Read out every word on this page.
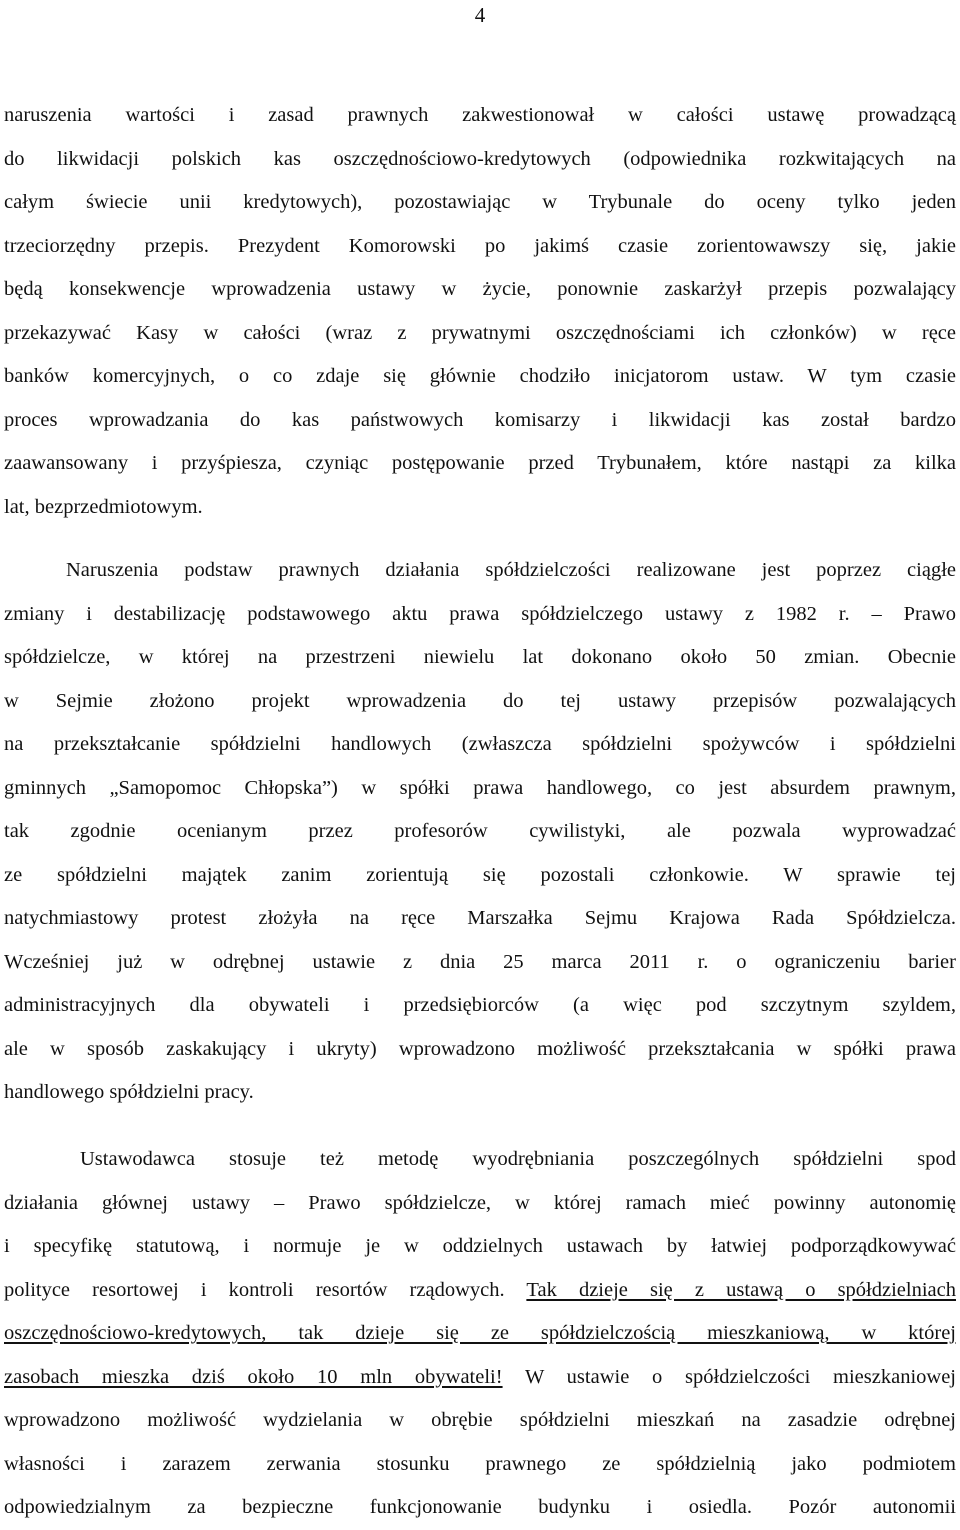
4
naruszenia wartości i zasad prawnych zakwestionował w całości ustawę prowadzącą
do likwidacji polskich kas oszczędnościowo-kredytowych (odpowiednika rozkwitających na
całym świecie unii kredytowych), pozostawiając w Trybunale do oceny tylko jeden
trzeciorzędny przepis. Prezydent Komorowski po jakimś czasie zorientowawszy się, jakie
będą konsekwencje wprowadzenia ustawy w życie, ponownie zaskarżył przepis pozwalający
przekazywać Kasy w całości (wraz z prywatnymi oszczędnościami ich członków) w ręce
banków komercyjnych, o co zdaje się głównie chodziło inicjatorom ustaw. W tym czasie
proces wprowadzania do kas państwowych komisarzy i likwidacji kas został bardzo
zaawansowany i przyśpiesza, czyniąc postępowanie przed Trybunałem, które nastąpi za kilka
lat, bezprzedmiotowym.
Naruszenia podstaw prawnych działania spółdzielczości realizowane jest poprzez ciągłe
zmiany i destabilizację podstawowego aktu prawa spółdzielczego ustawy z 1982 r. – Prawo
spółdzielcze, w której na przestrzeni niewielu lat dokonano około 50 zmian. Obecnie
w Sejmie złożono projekt wprowadzenia do tej ustawy przepisów pozwalających
na przekształcanie spółdzielni handlowych (zwłaszcza spółdzielni spożywców i spółdzielni
gminnych „Samopomoc Chłopska”) w spółki prawa handlowego, co jest absurdem prawnym,
tak zgodnie ocenianym przez profesorów cywilistyki, ale pozwala wyprowadzać
ze spółdzielni majątek zanim zorientują się pozostali członkowie. W sprawie tej
natychmiastowy protest złożyła na ręce Marszałka Sejmu Krajowa Rada Spółdzielcza.
Wcześniej już w odrębnej ustawie z dnia 25 marca 2011 r. o ograniczeniu barier
administracyjnych dla obywateli i przedsiębiorców (a więc pod szczytnym szyldem,
ale w sposób zaskakujący i ukryty) wprowadzono możliwość przekształcania w spółki prawa
handlowego spółdzielni pracy.
Ustawodawca stosuje też metodę wyodrębniania poszczególnych spółdzielni spod
działania głównej ustawy – Prawo spółdzielcze, w której ramach mieć powinny autonomię
i specyfikę statutową, i normuje je w oddzielnych ustawach by łatwiej podporządkowywać
polityce resortowej i kontroli resortów rządowych. Tak dzieje się z ustawą o spółdzielniach
oszczędnościowo-kredytowych, tak dzieje się ze spółdzielczością mieszkaniową, w której
zasobach mieszka dziś około 10 mln obywateli! W ustawie o spółdzielczości mieszkaniowej
wprowadzono możliwość wydzielania w obrębie spółdzielni mieszkań na zasadzie odrębnej
własności i zarazem zerwania stosunku prawnego ze spółdzielnią jako podmiotem
odpowiedzialnym za bezpieczne funkcjonowanie budynku i osiedla. Pozór autonomii
